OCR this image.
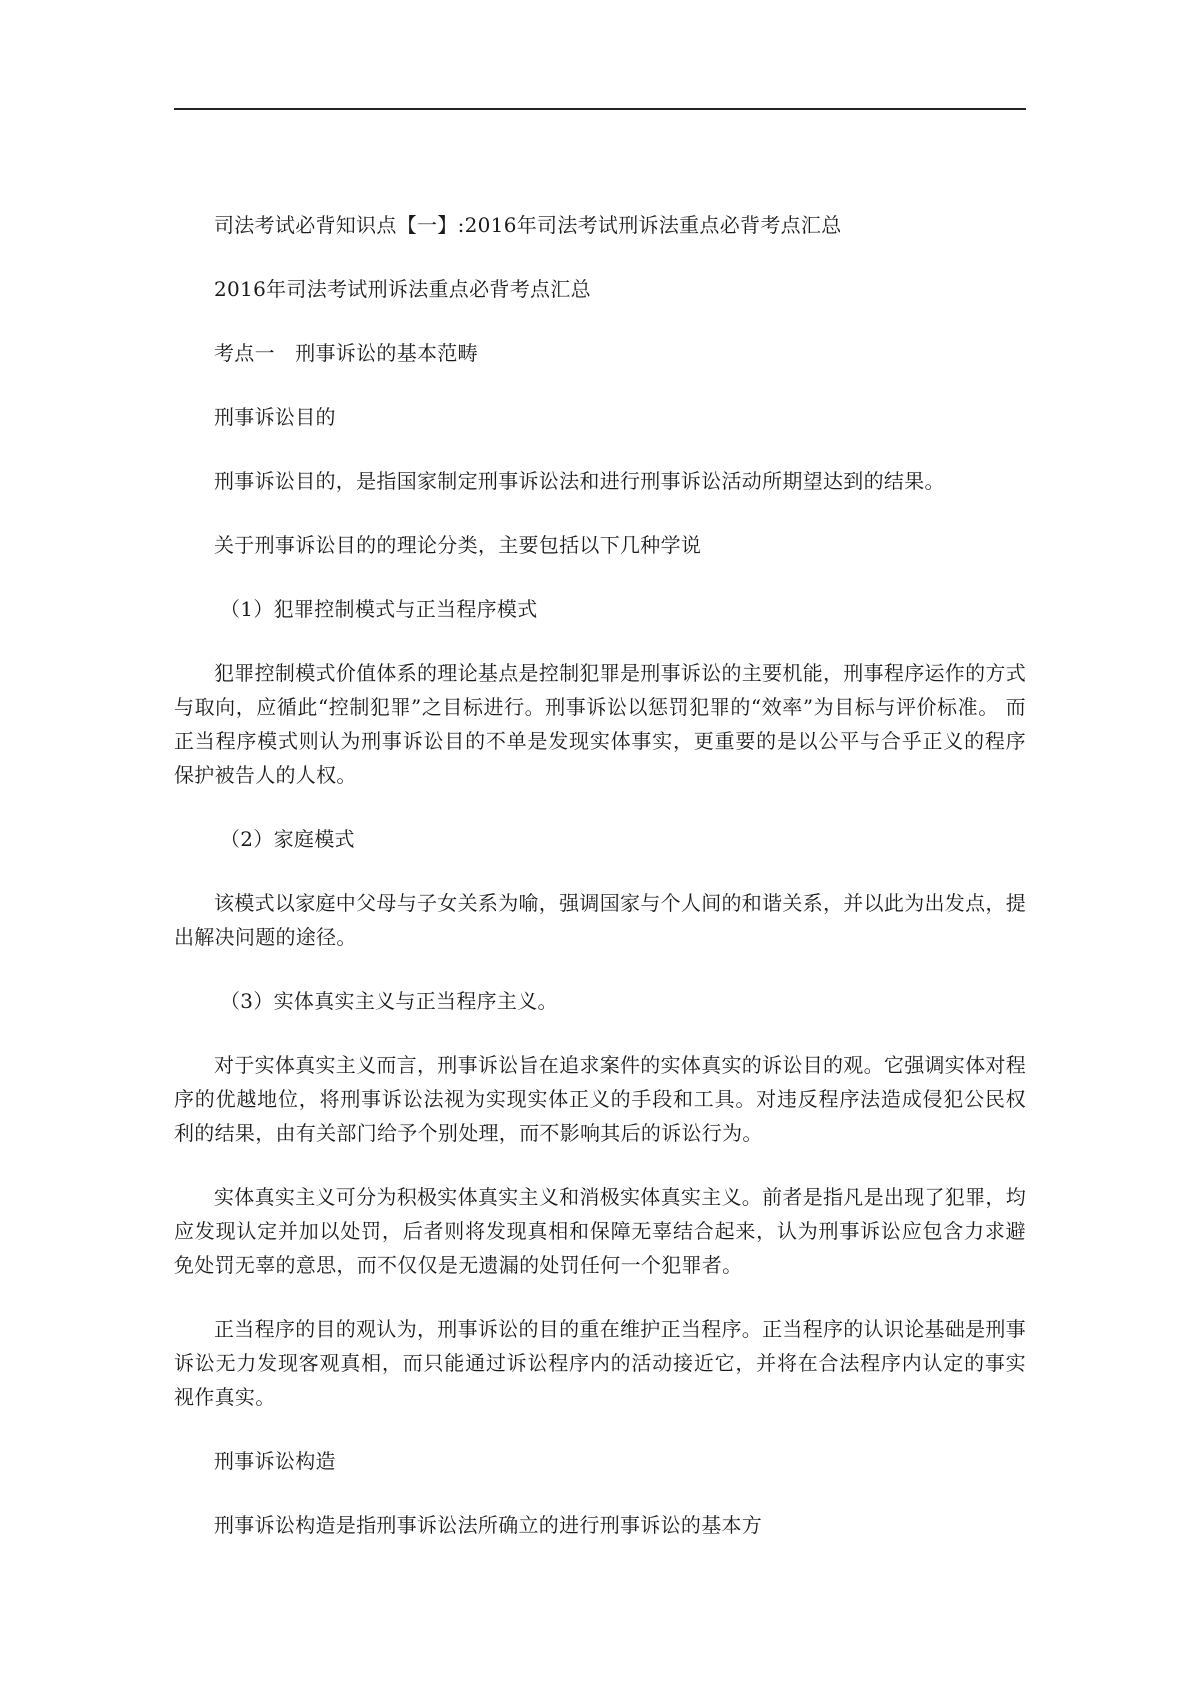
司法考试必背知识点【一】:2016年司法考试刑诉法重点必背考点汇总

2016年司法考试刑诉法重点必背考点汇总

考点一　刑事诉讼的基本范畴

刑事诉讼目的

刑事诉讼目的，是指国家制定刑事诉讼法和进行刑事诉讼活动所期望达到的结果。

关于刑事诉讼目的的理论分类，主要包括以下几种学说

（1）犯罪控制模式与正当程序模式

犯罪控制模式价值体系的理论基点是控制犯罪是刑事诉讼的主要机能，刑事程序运作的方式与取向，应循此“控制犯罪”之目标进行。刑事诉讼以惩罚犯罪的“效率”为目标与评价标准。 而正当程序模式则认为刑事诉讼目的不单是发现实体事实，更重要的是以公平与合乎正义的程序保护被告人的人权。

（2）家庭模式

该模式以家庭中父母与子女关系为喻，强调国家与个人间的和谐关系，并以此为出发点，提出解决问题的途径。

（3）实体真实主义与正当程序主义。

对于实体真实主义而言，刑事诉讼旨在追求案件的实体真实的诉讼目的观。它强调实体对程序的优越地位，将刑事诉讼法视为实现实体正义的手段和工具。对违反程序法造成侵犯公民权利的结果，由有关部门给予个别处理，而不影响其后的诉讼行为。

实体真实主义可分为积极实体真实主义和消极实体真实主义。前者是指凡是出现了犯罪，均应发现认定并加以处罚，后者则将发现真相和保障无辜结合起来，认为刑事诉讼应包含力求避免处罚无辜的意思，而不仅仅是无遗漏的处罚任何一个犯罪者。

正当程序的目的观认为，刑事诉讼的目的重在维护正当程序。正当程序的认识论基础是刑事诉讼无力发现客观真相，而只能通过诉讼程序内的活动接近它，并将在合法程序内认定的事实视作真实。

刑事诉讼构造

刑事诉讼构造是指刑事诉讼法所确立的进行刑事诉讼的基本方
